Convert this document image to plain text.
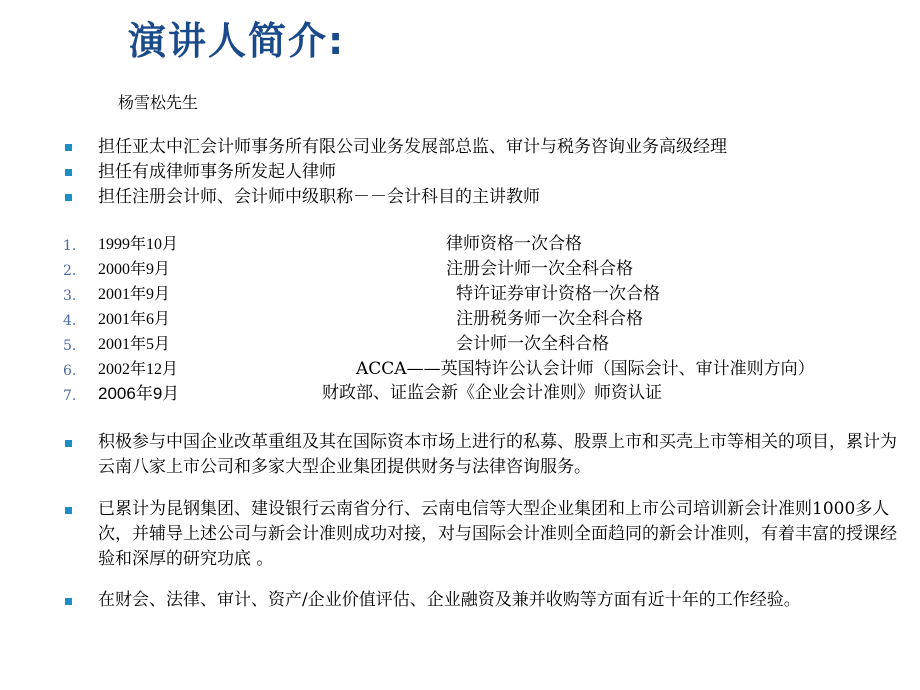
演讲人简介:
杨雪松先生
担任亚太中汇会计师事务所有限公司业务发展部总监、审计与税务咨询业务高级经理
担任有成律师事务所发起人律师
担任注册会计师、会计师中级职称－－会计科目的主讲教师
1. 1999年10月	律师资格一次合格
2. 2000年9月	注册会计师一次全科合格
3. 2001年9月	特许证券审计资格一次合格
4. 2001年6月	注册税务师一次全科合格
5. 2001年5月	会计师一次全科合格
6. 2002年12月	ACCA——英国特许公认会计师（国际会计、审计准则方向）
7. 2006年9月	财政部、证监会新《企业会计准则》师资认证
积极参与中国企业改革重组及其在国际资本市场上进行的私募、股票上市和买壳上市等相关的项目，累计为云南八家上市公司和多家大型企业集团提供财务与法律咨询服务。
已累计为昆钢集团、建设银行云南省分行、云南电信等大型企业集团和上市公司培训新会计准则1000多人次，并辅导上述公司与新会计准则成功对接，对与国际会计准则全面趋同的新会计准则，有着丰富的授课经验和深厚的研究功底 。
在财会、法律、审计、资产/企业价值评估、企业融资及兼并收购等方面有近十年的工作经验。
